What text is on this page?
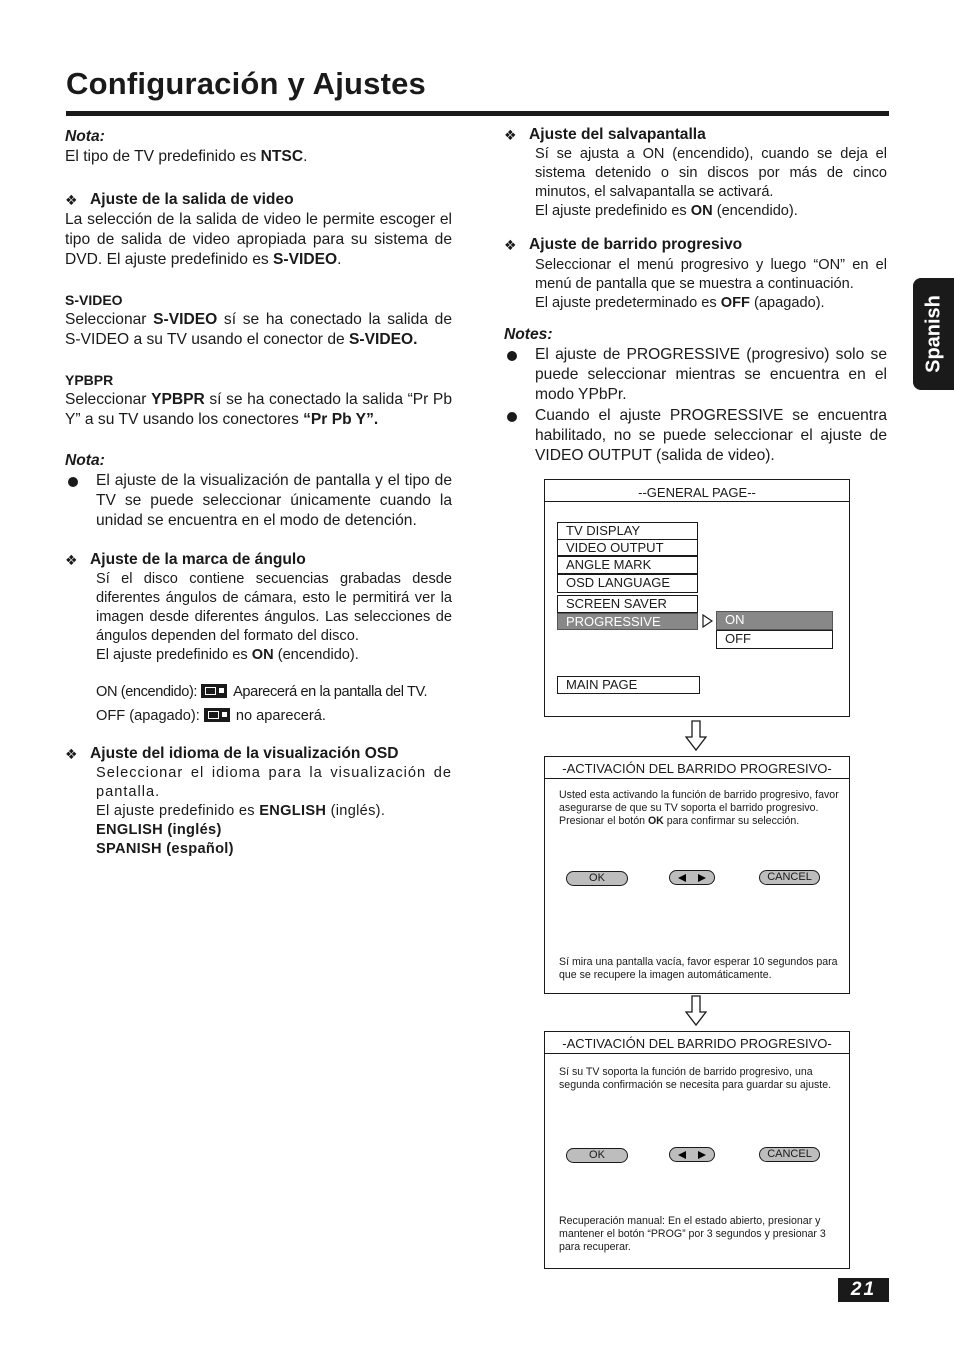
Configuración y Ajustes
Spanish

Nota:

El tipo de TV predefinido es NTSC.

❖ Ajuste de la salida de video

La selección de la salida de video le permite escoger el tipo de salida de video apropiada para su sistema de DVD. El ajuste predefinido es S-VIDEO.

S-VIDEO

Seleccionar S-VIDEO sí se ha conectado la salida de S-VIDEO a su TV usando el conector de S-VIDEO.

YPBPR

Seleccionar YPBPR sí se ha conectado la salida “Pr Pb Y” a su TV usando los conectores “Pr Pb Y”.

Nota:

El ajuste de la visualización de pantalla y el tipo de TV se puede seleccionar únicamente cuando la unidad se encuentra en el modo de detención.

❖ Ajuste de la marca de ángulo

Sí el disco contiene secuencias grabadas desde diferentes ángulos de cámara, esto le permitirá ver la imagen desde diferentes ángulos. Las selecciones de ángulos dependen del formato del disco.

El ajuste predefinido es ON (encendido).

ON (encendido): Aparecerá en la pantalla del TV.

OFF (apagado): no aparecerá.

❖ Ajuste del idioma de la visualización OSD

Seleccionar el idioma para la visualización de pantalla.

El ajuste predefinido es ENGLISH (inglés).

ENGLISH (inglés)

SPANISH (español)

❖ Ajuste del salvapantalla

Sí se ajusta a ON (encendido), cuando se deja el sistema detenido o sin discos por más de cinco minutos, el salvapantalla se activará.

El ajuste predefinido es ON (encendido).

❖ Ajuste de barrido progresivo

Seleccionar el menú progresivo y luego “ON” en el menú de pantalla que se muestra a continuación.

El ajuste predeterminado es OFF (apagado).

Notes:

El ajuste de PROGRESSIVE (progresivo) solo se puede seleccionar mientras se encuentra en el modo YPbPr.

Cuando el ajuste PROGRESSIVE se encuentra habilitado, no se puede seleccionar el ajuste de VIDEO OUTPUT (salida de video).

--GENERAL PAGE--
TV DISPLAY
VIDEO OUTPUT
ANGLE MARK
OSD LANGUAGE
SCREEN SAVER
PROGRESSIVE	ON
OFF
MAIN PAGE
-ACTIVACIÓN DEL BARRIDO PROGRESIVO-
Usted esta activando la función de barrido progresivo, favor asegurarse de que su TV soporta el barrido progresivo. Presionar el botón OK para confirmar su selección.
OK	CANCEL
Sí mira una pantalla vacía, favor esperar 10 segundos para que se recupere la imagen automáticamente.
-ACTIVACIÓN DEL BARRIDO PROGRESIVO-
Sí su TV soporta la función de barrido progresivo, una segunda confirmación se necesita para guardar su ajuste.
OK	CANCEL
Recuperación manual: En el estado abierto, presionar y mantener el botón “PROG” por 3 segundos y presionar 3 para recuperar.
21
